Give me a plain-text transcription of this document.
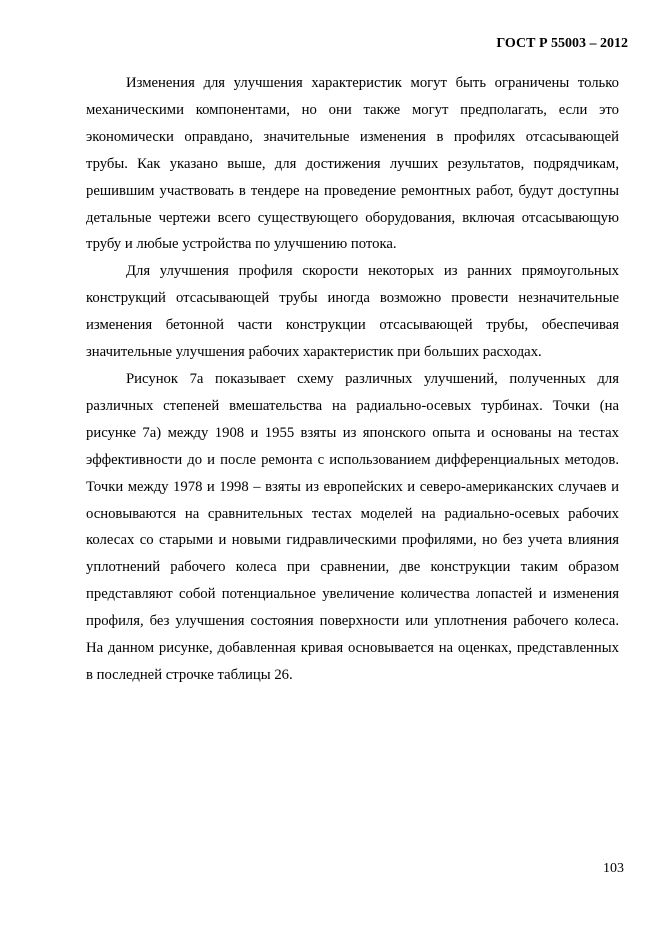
ГОСТ Р 55003 – 2012

Изменения для улучшения характеристик могут быть ограничены только механическими компонентами, но они также могут предполагать, если это экономически оправдано, значительные изменения в профилях отсасывающей трубы. Как указано выше, для достижения лучших результатов, подрядчикам, решившим участвовать в тендере на проведение ремонтных работ, будут доступны детальные чертежи всего существующего оборудования, включая отсасывающую трубу и любые устройства по улучшению потока.

Для улучшения профиля скорости некоторых из ранних прямоугольных конструкций отсасывающей трубы иногда возможно провести незначительные изменения бетонной части конструкции отсасывающей трубы, обеспечивая значительные улучшения рабочих характеристик при больших расходах.

Рисунок 7а показывает схему различных улучшений, полученных для различных степеней вмешательства на радиально-осевых турбинах. Точки (на рисунке 7а) между 1908 и 1955 взяты из японского опыта и основаны на тестах эффективности до и после ремонта с использованием дифференциальных методов. Точки между 1978 и 1998 – взяты из европейских и северо-американских случаев и основываются на сравнительных тестах моделей на радиально-осевых рабочих колесах со старыми и новыми гидравлическими профилями, но без учета влияния уплотнений рабочего колеса при сравнении, две конструкции таким образом представляют собой потенциальное увеличение количества лопастей и изменения профиля, без улучшения состояния поверхности или уплотнения рабочего колеса. На данном рисунке, добавленная кривая основывается на оценках, представленных в последней строчке таблицы 26.

103
